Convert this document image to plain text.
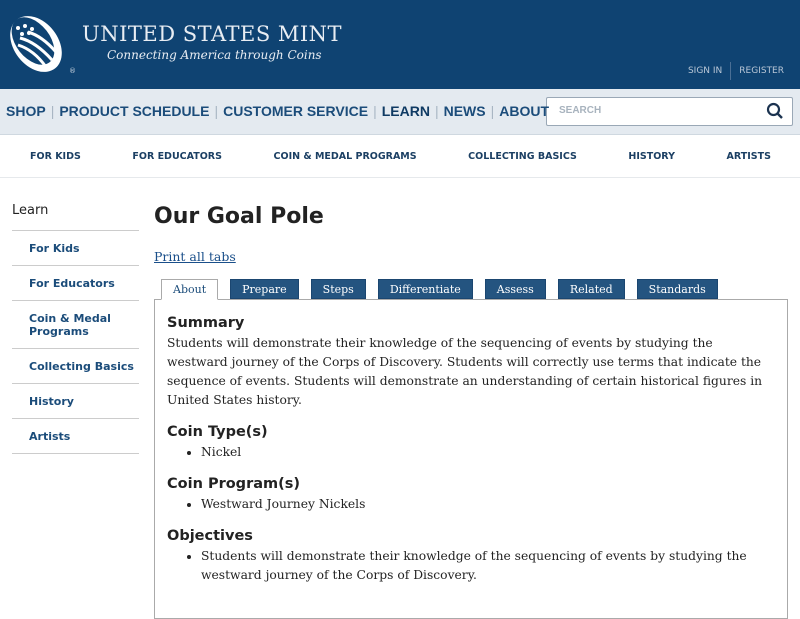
UNITED STATES MINT
Connecting America through Coins
®	SIGN IN	REGISTER
SHOP | PRODUCT SCHEDULE | CUSTOMER SERVICE | LEARN | NEWS | ABOUT
SEARCH
FOR KIDS	FOR EDUCATORS	COIN & MEDAL PROGRAMS	COLLECTING BASICS	HISTORY	ARTISTS
Learn
For Kids
For Educators
Coin & Medal Programs
Collecting Basics
History
Artists
Our Goal Pole
Print all tabs
About	Prepare	Steps	Differentiate	Assess	Related	Standards
Summary

Students will demonstrate their knowledge of the sequencing of events by studying the westward journey of the Corps of Discovery. Students will correctly use terms that indicate the sequence of events. Students will demonstrate an understanding of certain historical figures in United States history.

Coin Type(s)
• Nickel
Coin Program(s)
• Westward Journey Nickels
Objectives
• Students will demonstrate their knowledge of the sequencing of events by studying the westward journey of the Corps of Discovery.
